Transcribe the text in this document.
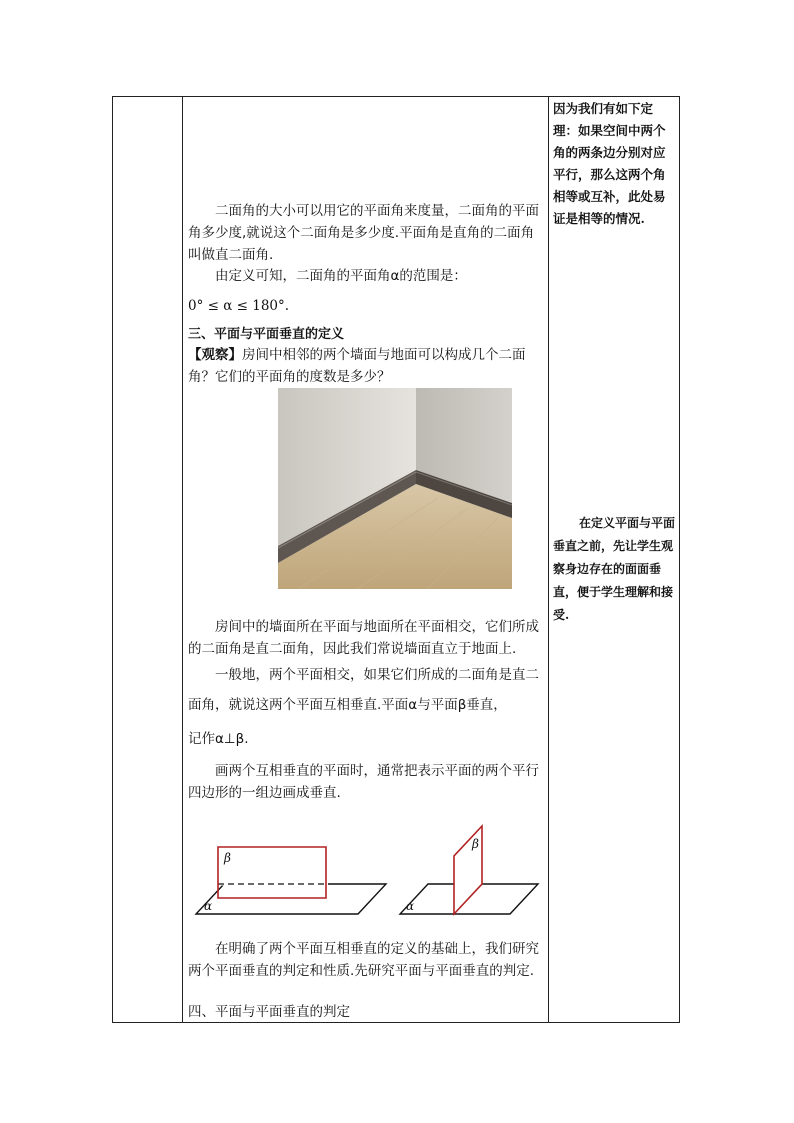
二面角的大小可以用它的平面角来度量，二面角的平面角多少度,就说这个二面角是多少度.平面角是直角的二面角叫做直二面角.
由定义可知，二面角的平面角α的范围是：
0° ≤ α ≤ 180°.
三、平面与平面垂直的定义
【观察】房间中相邻的两个墙面与地面可以构成几个二面角？它们的平面角的度数是多少？
房间中的墙面所在平面与地面所在平面相交，它们所成的二面角是直二面角，因此我们常说墙面直立于地面上.
一般地，两个平面相交，如果它们所成的二面角是直二面角，就说这两个平面互相垂直.平面α与平面β垂直，
记作α⊥β.
画两个互相垂直的平面时，通常把表示平面的两个平行四边形的一组边画成垂直.
α
β
α
β
在明确了两个平面互相垂直的定义的基础上，我们研究两个平面垂直的判定和性质.先研究平面与平面垂直的判定.
四、平面与平面垂直的判定
因为我们有如下定理：如果空间中两个角的两条边分别对应平行，那么这两个角相等或互补，此处易证是相等的情况.
在定义平面与平面垂直之前，先让学生观察身边存在的面面垂直，便于学生理解和接受.
